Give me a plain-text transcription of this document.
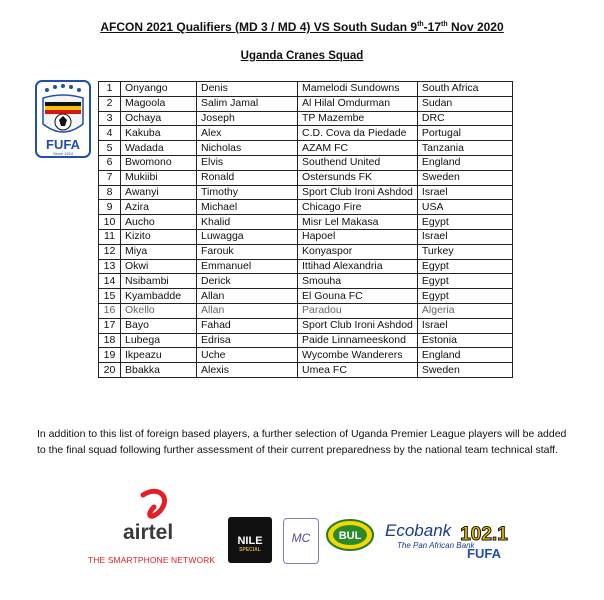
AFCON 2021 Qualifiers (MD 3 / MD 4) VS South Sudan 9th-17th Nov 2020
Uganda Cranes Squad
FUFA
Since 1924
1	Onyango	Denis	Mamelodi Sundowns	South Africa
2	Magoola	Salim Jamal	Al Hilal Omdurman	Sudan
3	Ochaya	Joseph	TP Mazembe	DRC
4	Kakuba	Alex	C.D. Cova da Piedade	Portugal
5	Wadada	Nicholas	AZAM FC	Tanzania
6	Bwomono	Elvis	Southend United	England
7	Mukiibi	Ronald	Ostersunds FK	Sweden
8	Awanyi	Timothy	Sport Club Ironi Ashdod	Israel
9	Azira	Michael	Chicago Fire	USA
10	Aucho	Khalid	Misr Lel Makasa	Egypt
11	Kizito	Luwagga	Hapoel	Israel
12	Miya	Farouk	Konyaspor	Turkey
13	Okwi	Emmanuel	Ittihad Alexandria	Egypt
14	Nsibambi	Derick	Smouha	Egypt
15	Kyambadde	Allan	El Gouna FC	Egypt
16	Okello	Allan	Paradou	Algeria
17	Bayo	Fahad	Sport Club Ironi Ashdod	Israel
18	Lubega	Edrisa	Paide Linnameeskond	Estonia
19	Ikpeazu	Uche	Wycombe Wanderers	England
20	Bbakka	Alexis	Umea FC	Sweden
In addition to this list of foreign based players, a further selection of Uganda Premier League players will be added to the final squad following further assessment of their current preparedness by the national team technical staff.
airtel
THE SMARTPHONE NETWORK
NILE
SPECIAL
MC	BUL Ecobank
The Pan African Bank
102.1
FUFA
